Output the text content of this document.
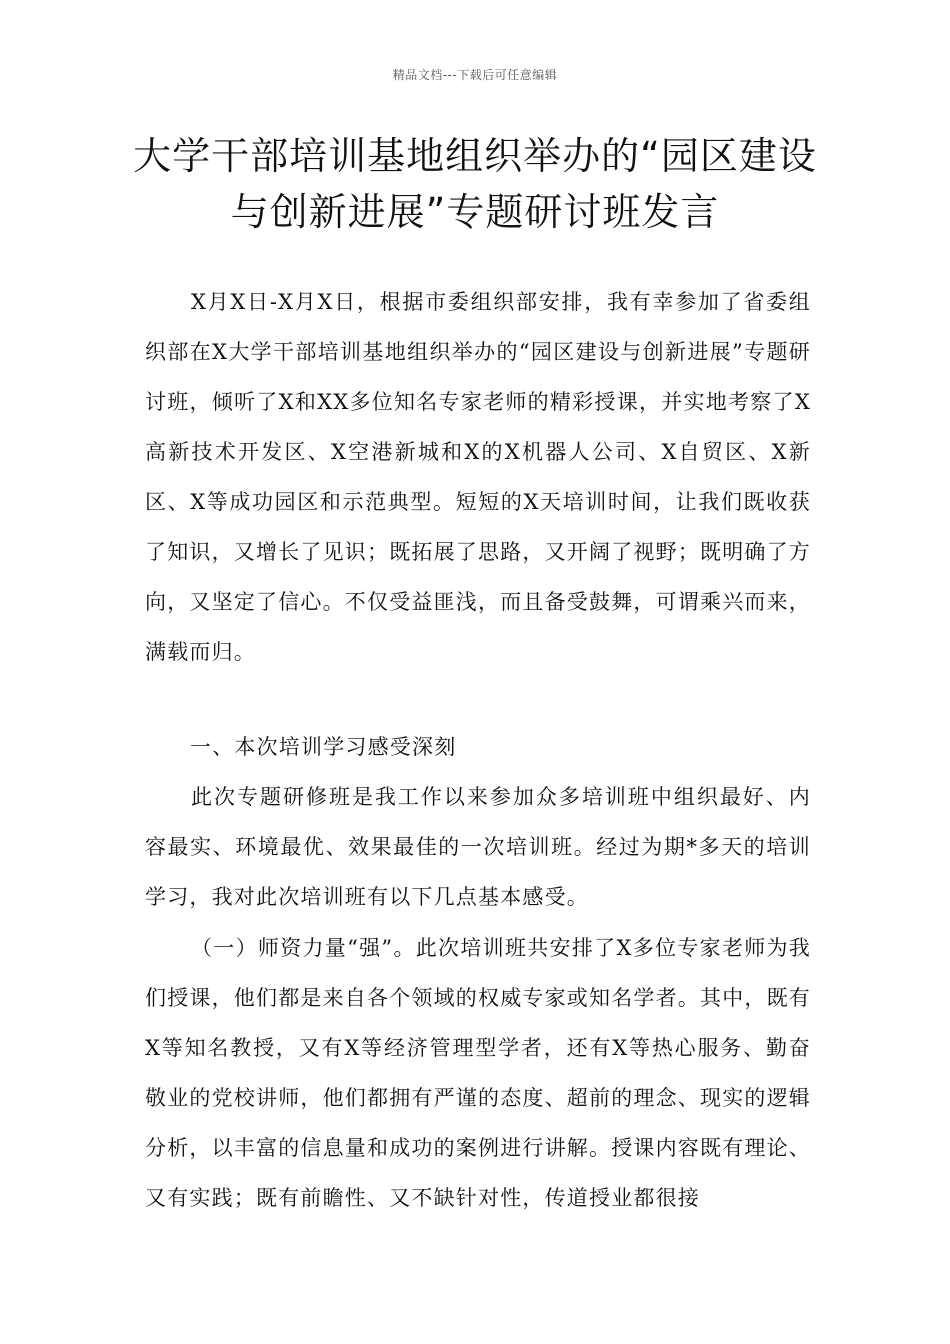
精品文档---下载后可任意编辑
大学干部培训基地组织举办的“园区建设与创新进展”专题研讨班发言
X月X日-X月X日，根据市委组织部安排，我有幸参加了省委组织部在X大学干部培训基地组织举办的“园区建设与创新进展”专题研讨班，倾听了X和XX多位知名专家老师的精彩授课，并实地考察了X高新技术开发区、X空港新城和X的X机器人公司、X自贸区、X新区、X等成功园区和示范典型。短短的X天培训时间，让我们既收获了知识，又增长了见识；既拓展了思路，又开阔了视野；既明确了方向，又坚定了信心。不仅受益匪浅，而且备受鼓舞，可谓乘兴而来，满载而归。
一、本次培训学习感受深刻
此次专题研修班是我工作以来参加众多培训班中组织最好、内容最实、环境最优、效果最佳的一次培训班。经过为期*多天的培训学习，我对此次培训班有以下几点基本感受。
（一）师资力量“强”。此次培训班共安排了X多位专家老师为我们授课，他们都是来自各个领域的权威专家或知名学者。其中，既有X等知名教授，又有X等经济管理型学者，还有X等热心服务、勤奋敬业的党校讲师，他们都拥有严谨的态度、超前的理念、现实的逻辑分析，以丰富的信息量和成功的案例进行讲解。授课内容既有理论、又有实践；既有前瞻性、又不缺针对性，传道授业都很接
